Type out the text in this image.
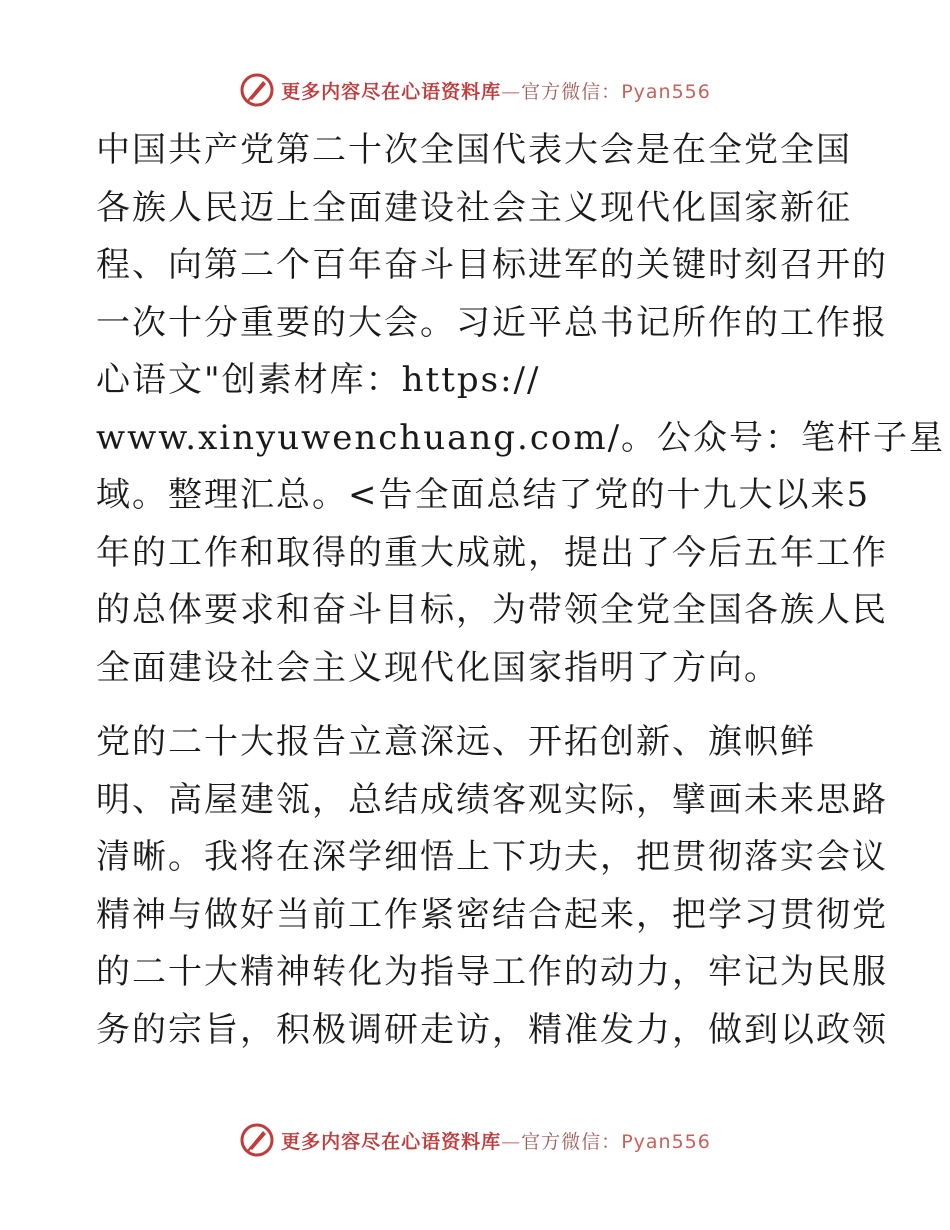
更多内容尽在心语资料库—官方微信：Pyan556
中国共产党第二十次全国代表大会是在全党全国
各族人民迈上全面建设社会主义现代化国家新征
程、向第二个百年奋斗目标进军的关键时刻召开的
一次十分重要的大会。习近平总书记所作的工作报
心语文"创素材库：https://
www.xinyuwenchuang.com/。公众号：笔杆子星
域。整理汇总。<告全面总结了党的十九大以来5
年的工作和取得的重大成就，提出了今后五年工作
的总体要求和奋斗目标，为带领全党全国各族人民
全面建设社会主义现代化国家指明了方向。
党的二十大报告立意深远、开拓创新、旗帜鲜
明、高屋建瓴，总结成绩客观实际，擘画未来思路
清晰。我将在深学细悟上下功夫，把贯彻落实会议
精神与做好当前工作紧密结合起来，把学习贯彻党
的二十大精神转化为指导工作的动力，牢记为民服
务的宗旨，积极调研走访，精准发力，做到以政领
更多内容尽在心语资料库—官方微信：Pyan556
